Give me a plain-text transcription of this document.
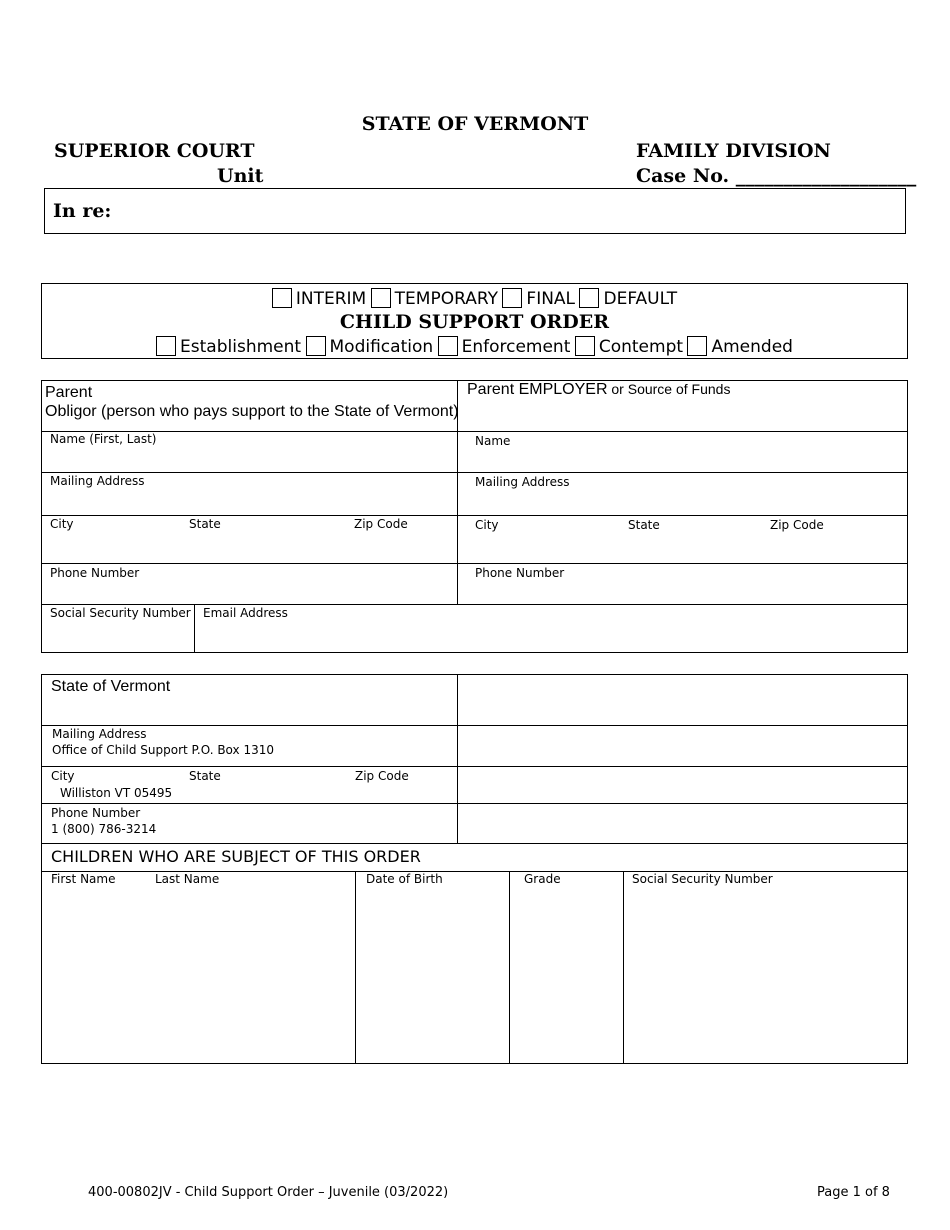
STATE OF VERMONT
SUPERIOR COURT
Unit
FAMILY DIVISION
Case No. ___________________
In re:
INTERIM TEMPORARY FINAL DEFAULT
CHILD SUPPORT ORDER
Establishment Modification Enforcement Contempt Amended
Parent
Obligor (person who pays support to the State of Vermont)
Parent EMPLOYER or Source of Funds
Name (First, Last)	Name
Mailing Address	Mailing Address
City	State	Zip Code	City	State	Zip Code
Phone Number	Phone Number
Social Security Number Email Address
State of Vermont
Mailing Address
Office of Child Support P.O. Box 1310
City	State	Zip Code
Williston VT 05495
Phone Number
1 (800) 786-3214
CHILDREN WHO ARE SUBJECT OF THIS ORDER
First Name	Last Name	Date of Birth	Grade	Social Security Number
400-00802JV - Child Support Order – Juvenile (03/2022)	Page 1 of 8
